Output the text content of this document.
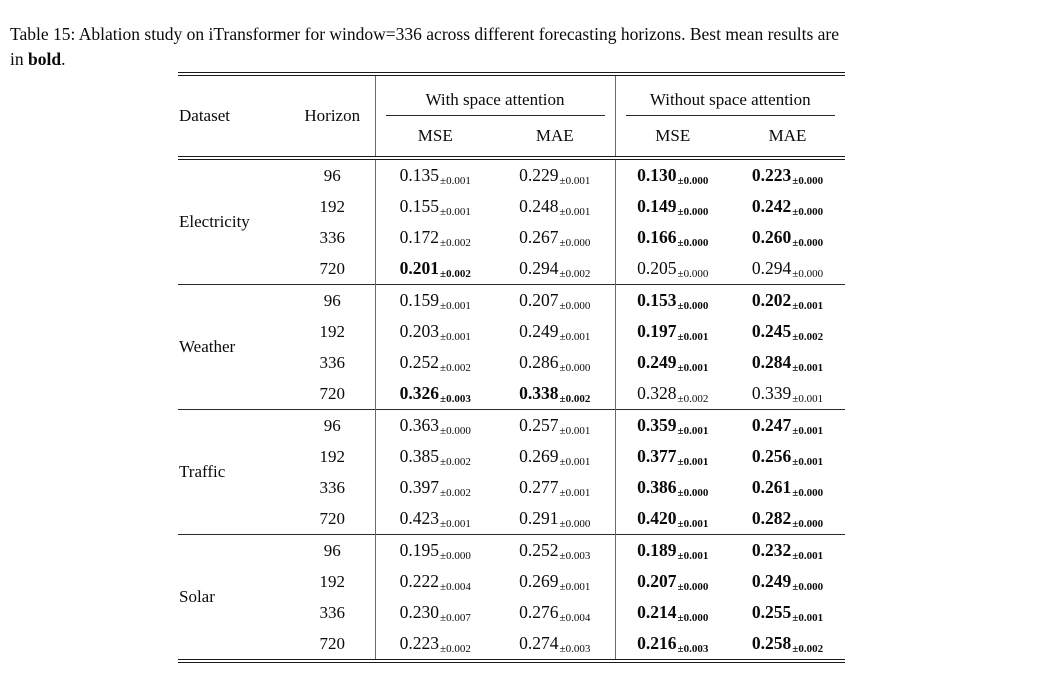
Table 15: Ablation study on iTransformer for window=336 across different forecasting horizons. Best mean results are
in bold.
Dataset	Horizon	With space attention		Without space attention	

		MSE	MAE	MSE	MAE
Electricity	96	0.135±0.001	0.229±0.001	0.130±0.000	0.223±0.000
	192	0.155±0.001	0.248±0.001	0.149±0.000	0.242±0.000
	336	0.172±0.002	0.267±0.000	0.166±0.000	0.260±0.000
	720	0.201±0.002	0.294±0.002	0.205±0.000	0.294±0.000
Weather	96	0.159±0.001	0.207±0.000	0.153±0.000	0.202±0.001
	192	0.203±0.001	0.249±0.001	0.197±0.001	0.245±0.002
	336	0.252±0.002	0.286±0.000	0.249±0.001	0.284±0.001
	720	0.326±0.003	0.338±0.002	0.328±0.002	0.339±0.001
Traffic	96	0.363±0.000	0.257±0.001	0.359±0.001	0.247±0.001
	192	0.385±0.002	0.269±0.001	0.377±0.001	0.256±0.001
	336	0.397±0.002	0.277±0.001	0.386±0.000	0.261±0.000
	720	0.423±0.001	0.291±0.000	0.420±0.001	0.282±0.000
Solar	96	0.195±0.000	0.252±0.003	0.189±0.001	0.232±0.001
	192	0.222±0.004	0.269±0.001	0.207±0.000	0.249±0.000
	336	0.230±0.007	0.276±0.004	0.214±0.000	0.255±0.001
	720	0.223±0.002	0.274±0.003	0.216±0.003	0.258±0.002
